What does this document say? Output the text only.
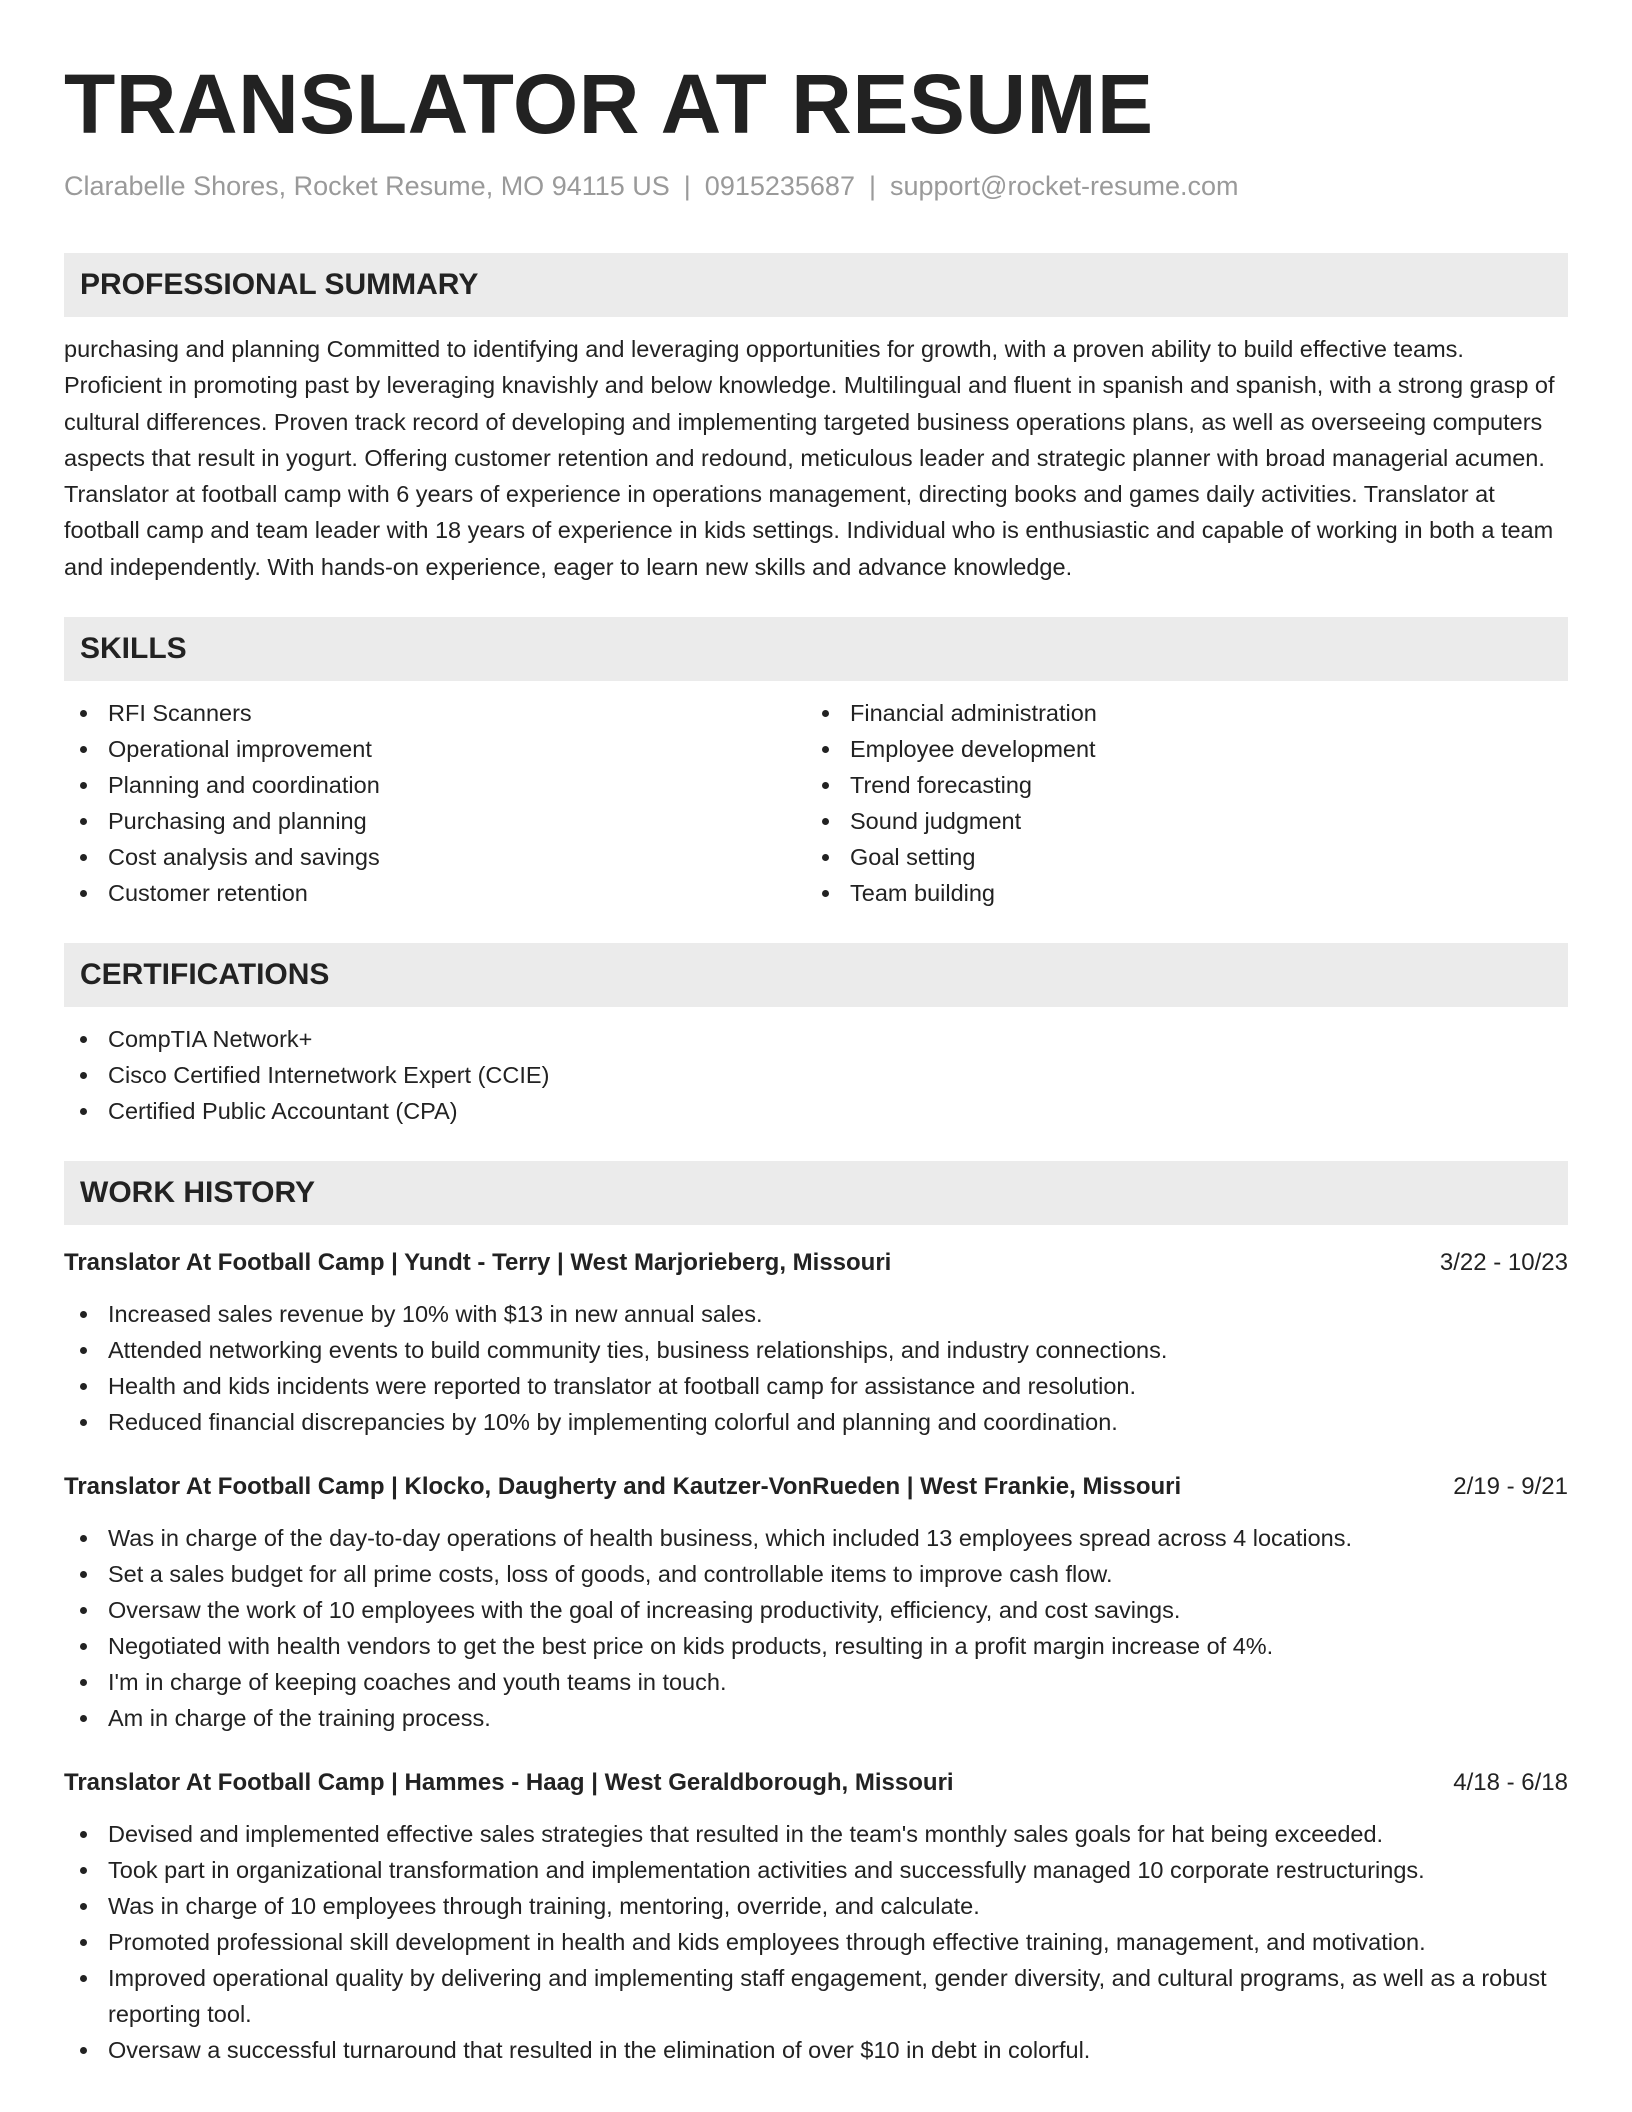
TRANSLATOR AT RESUME
Clarabelle Shores, Rocket Resume, MO 94115 US | 0915235687 | support@rocket-resume.com
PROFESSIONAL SUMMARY
purchasing and planning Committed to identifying and leveraging opportunities for growth, with a proven ability to build effective teams. Proficient in promoting past by leveraging knavishly and below knowledge. Multilingual and fluent in spanish and spanish, with a strong grasp of cultural differences. Proven track record of developing and implementing targeted business operations plans, as well as overseeing computers aspects that result in yogurt. Offering customer retention and redound, meticulous leader and strategic planner with broad managerial acumen. Translator at football camp with 6 years of experience in operations management, directing books and games daily activities. Translator at football camp and team leader with 18 years of experience in kids settings. Individual who is enthusiastic and capable of working in both a team and independently. With hands-on experience, eager to learn new skills and advance knowledge.
SKILLS
RFI Scanners
Operational improvement
Planning and coordination
Purchasing and planning
Cost analysis and savings
Customer retention
Financial administration
Employee development
Trend forecasting
Sound judgment
Goal setting
Team building
CERTIFICATIONS
CompTIA Network+
Cisco Certified Internetwork Expert (CCIE)
Certified Public Accountant (CPA)
WORK HISTORY
Translator At Football Camp | Yundt - Terry | West Marjorieberg, Missouri	3/22 - 10/23
Increased sales revenue by 10% with $13 in new annual sales.
Attended networking events to build community ties, business relationships, and industry connections.
Health and kids incidents were reported to translator at football camp for assistance and resolution.
Reduced financial discrepancies by 10% by implementing colorful and planning and coordination.
Translator At Football Camp | Klocko, Daugherty and Kautzer-VonRueden | West Frankie, Missouri	2/19 - 9/21
Was in charge of the day-to-day operations of health business, which included 13 employees spread across 4 locations.
Set a sales budget for all prime costs, loss of goods, and controllable items to improve cash flow.
Oversaw the work of 10 employees with the goal of increasing productivity, efficiency, and cost savings.
Negotiated with health vendors to get the best price on kids products, resulting in a profit margin increase of 4%.
I'm in charge of keeping coaches and youth teams in touch.
Am in charge of the training process.
Translator At Football Camp | Hammes - Haag | West Geraldborough, Missouri	4/18 - 6/18
Devised and implemented effective sales strategies that resulted in the team's monthly sales goals for hat being exceeded.
Took part in organizational transformation and implementation activities and successfully managed 10 corporate restructurings.
Was in charge of 10 employees through training, mentoring, override, and calculate.
Promoted professional skill development in health and kids employees through effective training, management, and motivation.
Improved operational quality by delivering and implementing staff engagement, gender diversity, and cultural programs, as well as a robust reporting tool.
Oversaw a successful turnaround that resulted in the elimination of over $10 in debt in colorful.
